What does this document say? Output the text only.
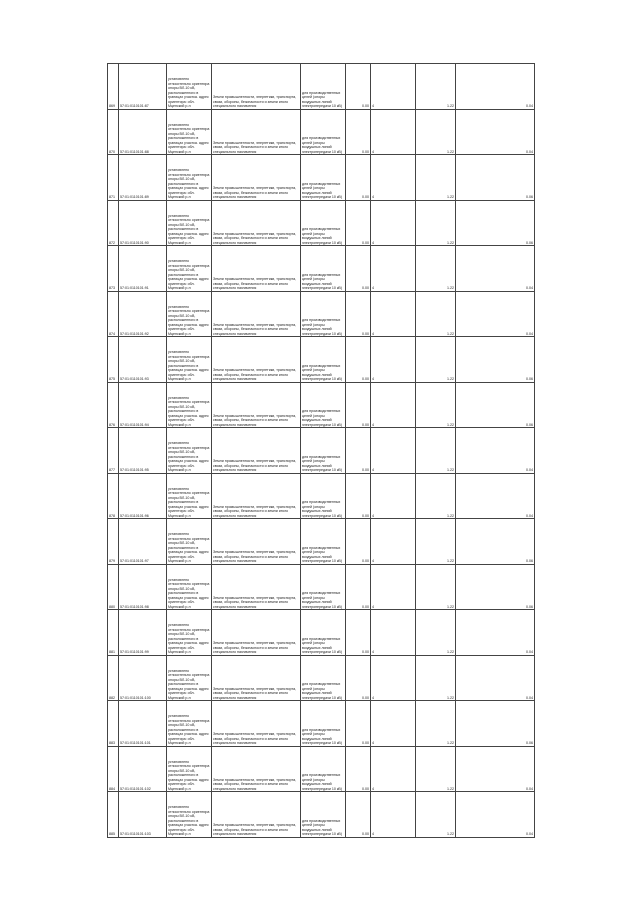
869	57:01:0110101:87	установлено относительно ориентира опоры ВЛ-10 кВ, расположенного в границах участка. адрес ориентира: обл. Мценский р-н	Земли промышленности, энергетики, транспорта, связи, обороны, безопасности и земли иного специального назначения	для производственных целей (опоры воздушных линий электропередачи 10 кВ)	0.00	4	1.22	0.04
870	57:01:0110101:88	установлено относительно ориентира опоры ВЛ-10 кВ, расположенного в границах участка. адрес ориентира: обл. Мценский р-н	Земли промышленности, энергетики, транспорта, связи, обороны, безопасности и земли иного специального назначения	для производственных целей (опоры воздушных линий электропередачи 10 кВ)	0.00	4	1.22	0.04
871	57:01:0110101:89	установлено относительно ориентира опоры ВЛ-10 кВ, расположенного в границах участка. адрес ориентира: обл. Мценский р-н	Земли промышленности, энергетики, транспорта, связи, обороны, безопасности и земли иного специального назначения	для производственных целей (опоры воздушных линий электропередачи 10 кВ)	0.00	4	1.22	0.06
872	57:01:0110101:90	установлено относительно ориентира опоры ВЛ-10 кВ, расположенного в границах участка. адрес ориентира: обл. Мценский р-н	Земли промышленности, энергетики, транспорта, связи, обороны, безопасности и земли иного специального назначения	для производственных целей (опоры воздушных линий электропередачи 10 кВ)	0.00	4	1.22	0.06
873	57:01:0110101:91	установлено относительно ориентира опоры ВЛ-10 кВ, расположенного в границах участка. адрес ориентира: обл. Мценский р-н	Земли промышленности, энергетики, транспорта, связи, обороны, безопасности и земли иного специального назначения	для производственных целей (опоры воздушных линий электропередачи 10 кВ)	0.00	4	1.22	0.04
874	57:01:0110101:92	установлено относительно ориентира опоры ВЛ-10 кВ, расположенного в границах участка. адрес ориентира: обл. Мценский р-н	Земли промышленности, энергетики, транспорта, связи, обороны, безопасности и земли иного специального назначения	для производственных целей (опоры воздушных линий электропередачи 10 кВ)	0.00	4	1.22	0.04
875	57:01:0110101:93	установлено относительно ориентира опоры ВЛ-10 кВ, расположенного в границах участка. адрес ориентира: обл. Мценский р-н	Земли промышленности, энергетики, транспорта, связи, обороны, безопасности и земли иного специального назначения	для производственных целей (опоры воздушных линий электропередачи 10 кВ)	0.00	4	1.22	0.06
876	57:01:0110101:94	установлено относительно ориентира опоры ВЛ-10 кВ, расположенного в границах участка. адрес ориентира: обл. Мценский р-н	Земли промышленности, энергетики, транспорта, связи, обороны, безопасности и земли иного специального назначения	для производственных целей (опоры воздушных линий электропередачи 10 кВ)	0.00	4	1.22	0.06
877	57:01:0110101:95	установлено относительно ориентира опоры ВЛ-10 кВ, расположенного в границах участка. адрес ориентира: обл. Мценский р-н	Земли промышленности, энергетики, транспорта, связи, обороны, безопасности и земли иного специального назначения	для производственных целей (опоры воздушных линий электропередачи 10 кВ)	0.00	4	1.22	0.04
878	57:01:0110101:96	установлено относительно ориентира опоры ВЛ-10 кВ, расположенного в границах участка. адрес ориентира: обл. Мценский р-н	Земли промышленности, энергетики, транспорта, связи, обороны, безопасности и земли иного специального назначения	для производственных целей (опоры воздушных линий электропередачи 10 кВ)	0.00	4	1.22	0.04
879	57:01:0110101:97	установлено относительно ориентира опоры ВЛ-10 кВ, расположенного в границах участка. адрес ориентира: обл. Мценский р-н	Земли промышленности, энергетики, транспорта, связи, обороны, безопасности и земли иного специального назначения	для производственных целей (опоры воздушных линий электропередачи 10 кВ)	0.00	4	1.22	0.06
880	57:01:0110101:98	установлено относительно ориентира опоры ВЛ-10 кВ, расположенного в границах участка. адрес ориентира: обл. Мценский р-н	Земли промышленности, энергетики, транспорта, связи, обороны, безопасности и земли иного специального назначения	для производственных целей (опоры воздушных линий электропередачи 10 кВ)	0.00	4	1.22	0.06
881	57:01:0110101:99	установлено относительно ориентира опоры ВЛ-10 кВ, расположенного в границах участка. адрес ориентира: обл. Мценский р-н	Земли промышленности, энергетики, транспорта, связи, обороны, безопасности и земли иного специального назначения	для производственных целей (опоры воздушных линий электропередачи 10 кВ)	0.00	4	1.22	0.04
882	57:01:0110101:100	установлено относительно ориентира опоры ВЛ-10 кВ, расположенного в границах участка. адрес ориентира: обл. Мценский р-н	Земли промышленности, энергетики, транспорта, связи, обороны, безопасности и земли иного специального назначения	для производственных целей (опоры воздушных линий электропередачи 10 кВ)	0.00	4	1.22	0.04
883	57:01:0110101:101	установлено относительно ориентира опоры ВЛ-10 кВ, расположенного в границах участка. адрес ориентира: обл. Мценский р-н	Земли промышленности, энергетики, транспорта, связи, обороны, безопасности и земли иного специального назначения	для производственных целей (опоры воздушных линий электропередачи 10 кВ)	0.00	4	1.22	0.06
884	57:01:0110101:102	установлено относительно ориентира опоры ВЛ-10 кВ, расположенного в границах участка. адрес ориентира: обл. Мценский р-н	Земли промышленности, энергетики, транспорта, связи, обороны, безопасности и земли иного специального назначения	для производственных целей (опоры воздушных линий электропередачи 10 кВ)	0.00	4	1.22	0.04
885	57:01:0110101:103	установлено относительно ориентира опоры ВЛ-10 кВ, расположенного в границах участка. адрес ориентира: обл. Мценский р-н	Земли промышленности, энергетики, транспорта, связи, обороны, безопасности и земли иного специального назначения	для производственных целей (опоры воздушных линий электропередачи 10 кВ)	0.00	4	1.22	0.04
